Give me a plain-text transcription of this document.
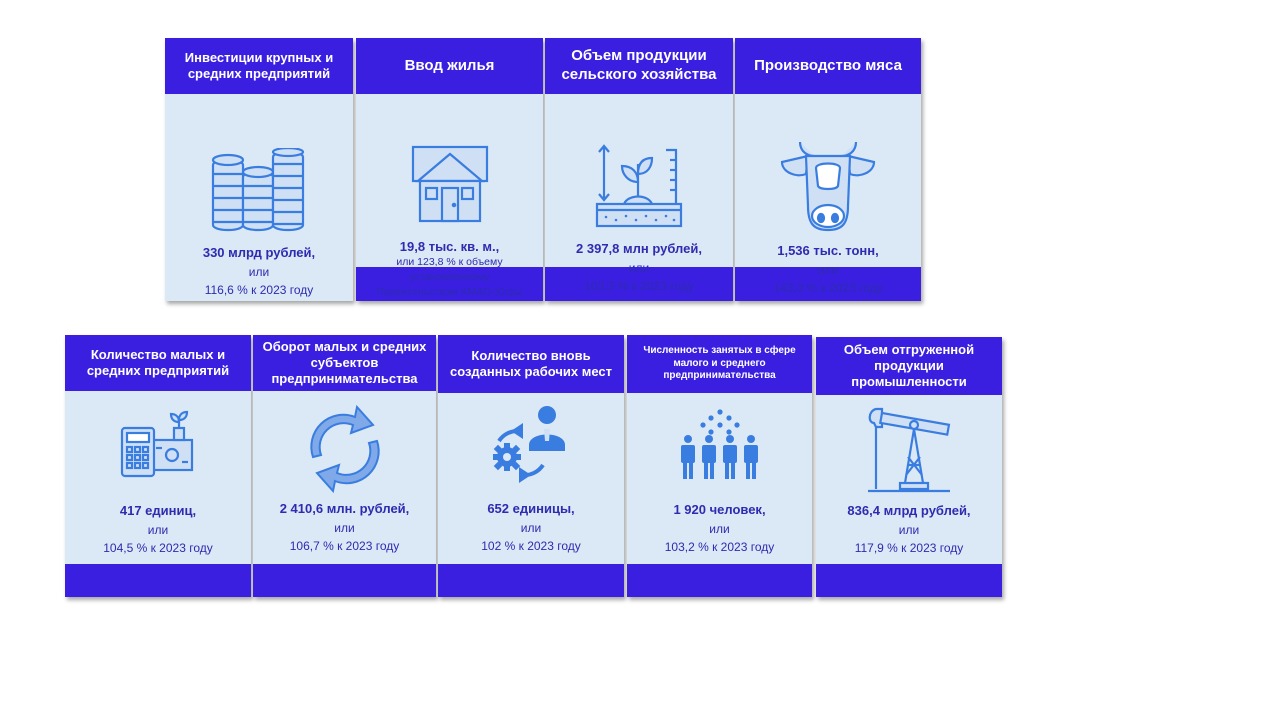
Инвестиции крупных и средних предприятий
330 млрд рублей,
или
116,6 % к 2023 году
Ввод жилья
19,8 тыс. кв. м.,
или 123,8 % к объему
установленному
Правительством ХМАО-Югры
Объем продукции сельского хозяйства
2 397,8 млн рублей,
или
103,3 % к 2023 году
Производство мяса
1,536 тыс. тонн,
или
143,3 % к 2023 году
Количество малых и средних предприятий
417 единиц,
или
104,5 % к 2023 году
Оборот малых и средних субъектов предпринимательства
2 410,6 млн. рублей,
или
106,7 % к 2023 году
Количество вновь созданных рабочих мест
652 единицы,
или
102 % к 2023 году
Численность занятых в сфере малого и среднего предпринимательства
1 920 человек,
или
103,2 % к 2023 году
Объем отгруженной продукции промышленности
836,4 млрд рублей,
или
117,9 % к 2023 году
